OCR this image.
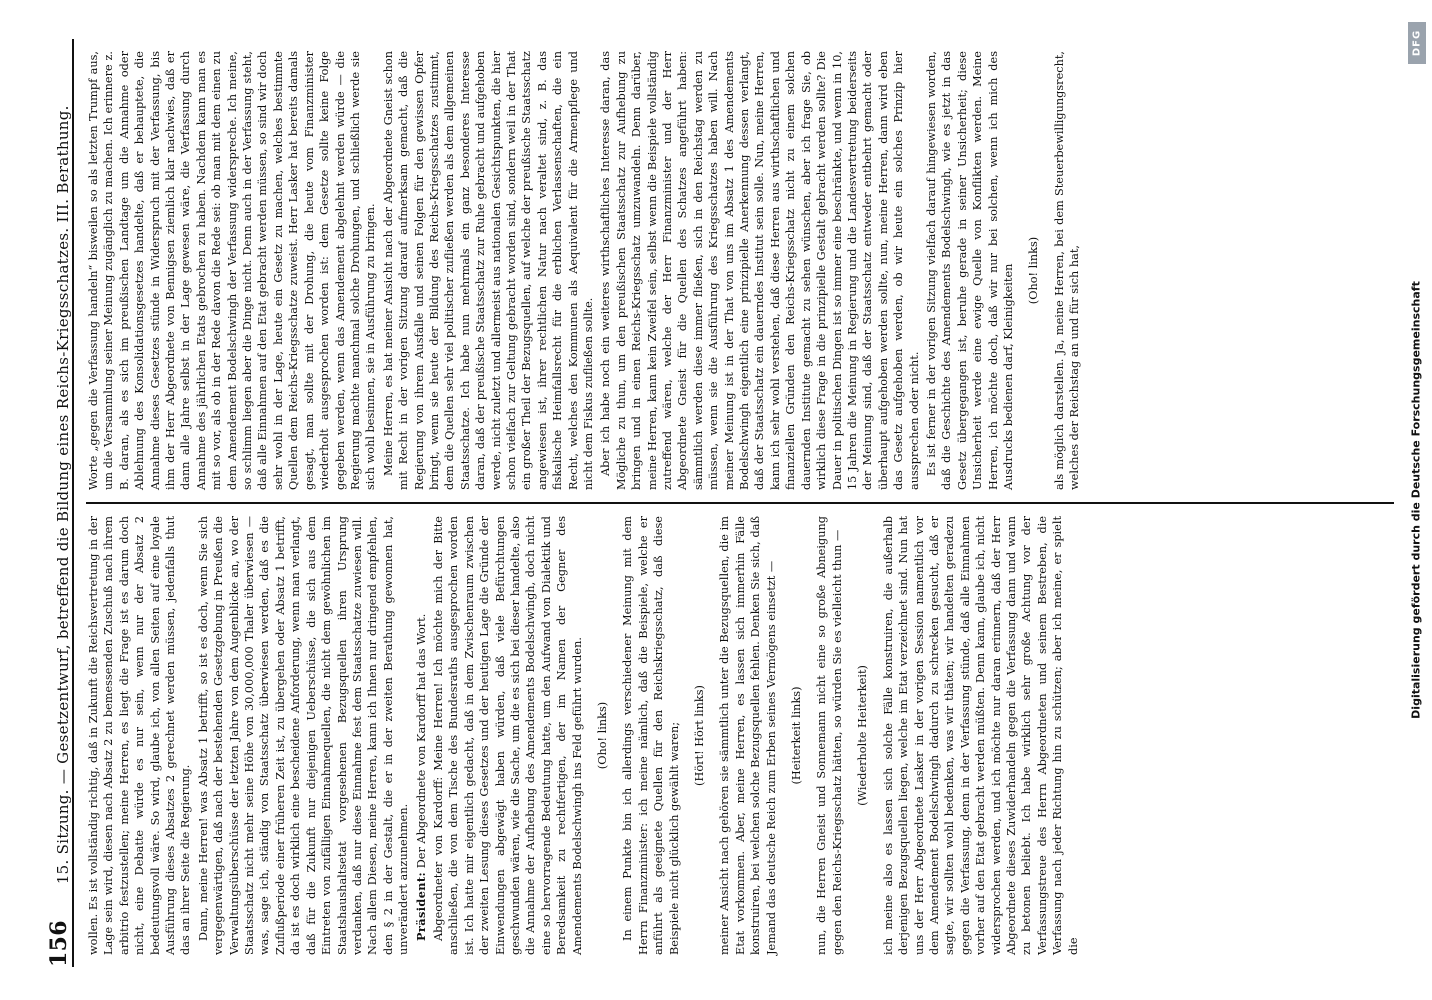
156
15. Sitzung. — Gesetzentwurf, betreffend die Bildung eines Reichs-Kriegsschatzes. III. Berathung. wollen. Es ist vollständig richtig, daß in Zukunft die Reichsvertretung in der Lage sein wird, diesen nach Absatz 2 zu bemessenden Zuschuß nach ihrem arbitrio festzustellen; meine Herren, es liegt die Frage ist es darum doch nicht, eine Debatte würde es nur sein, wenn nur der Absatz 2 bedeutungsvoll wäre. So wird, glaube ich, von allen Seiten auf eine loyale Ausführung dieses Absatzes 2 gerechnet werden müssen, jedenfalls thut das an ihrer Seite die Regierung. Dann, meine Herren! was Absatz 1 betrifft, so ist es doch, wenn Sie sich vergegenwärtigen, daß nach der bestehenden Gesetzgebung in Preußen die Verwaltungsüberschüsse der letzten Jahre von dem Augenblicke an, wo der Staatsschatz nicht mehr seine Höhe von 30,000,000 Thaler überwiesen — was, sage ich, ständig von Staatsschatz überwiesen werden, daß es die Zuflußperiode einer früheren Zeit ist, zu übergehen oder Absatz 1 betrifft, da ist es doch wirklich eine bescheidene Anforderung, wenn man verlangt, daß für die Zukunft nur diejenigen Ueberschüsse, die sich aus dem Eintreten von zufälligen Einnahmequellen, die nicht dem gewöhnlichen im Staatshaushaltsetat vorgesehenen Bezugsquellen ihren Ursprung verdanken, daß nur diese Einnahme fest dem Staatsschatze zuwiesen will. Nach allem Diesen, meine Herren, kann ich Ihnen nur dringend empfehlen, den § 2 in der Gestalt, die er in der zweiten Berathung gewonnen hat, unverändert anzunehmen. Präsident: Der Abgeordnete von Kardorff hat das Wort. Abgeordneter von Kardorff: Meine Herren! Ich möchte mich der Bitte anschließen, die von dem Tische des Bundesraths ausgesprochen worden ist. Ich hatte mir eigentlich gedacht, daß in dem Zwischenraum zwischen der zweiten Lesung dieses Gesetzes und der heutigen Lage die Gründe der Einwendungen abgewägt haben würden, daß viele Befürchtungen geschwunden wären, wie die Sache, um die es sich bei dieser handelte, also die Annahme der Aufhebung des Amendements Bodelschwingh, doch nicht eine so hervorragende Bedeutung hatte, um den Aufwand von Dialektik und Beredsamkeit zu rechtfertigen, der im Namen der Gegner des Amendements Bodelschwingh ins Feld geführt wurden. (Oho! links) In einem Punkte bin ich allerdings verschiedener Meinung mit dem Herrn Finanzminister: ich meine nämlich, daß die Beispiele, welche er anführt als geeignete Quellen für den Reichskriegsschatz, daß diese Beispiele nicht glücklich gewählt waren; (Hört! Hört links) meiner Ansicht nach gehören sie sämmtlich unter die Bezugsquellen, die im Etat vorkommen. Aber, meine Herren, es lassen sich immerhin Fälle konstruiren, bei welchen solche Bezugsquellen fehlen. Denken Sie sich, daß Jemand das deutsche Reich zum Erben seines Vermögens einsetzt — (Heiterkeit links) nun, die Herren Gneist und Sonnemann nicht eine so große Abneigung gegen den Reichs-Kriegsschatz hätten, so würden Sie es vielleicht thun — (Wiederholte Heiterkeit) ich meine also es lassen sich solche Fälle konstruiren, die außerhalb derjenigen Bezugsquellen liegen, welche im Etat verzeichnet sind. Nun hat uns der Herr Abgeordnete Lasker in der vorigen Session namentlich vor dem Amendement Bodelschwingh dadurch zu schrecken gesucht, daß er sagte, wir sollten wohl bedenken, was wir thäten; wir handelten geradezu gegen die Verfassung, denn in der Verfassung stünde, daß alle Einnahmen vorher auf den Etat gebracht werden müßten. Denn kann, glaube ich, nicht widersprochen werden, und ich möchte nur daran erinnern, daß der Herr Abgeordnete dieses Zuwiderhandeln gegen die Verfassung dann und wann zu betonen beliebt. Ich habe wirklich sehr große Achtung vor der Verfassungstreue des Herrn Abgeordneten und seinem Bestreben, die Verfassung nach jeder Richtung hin zu schützen; aber ich meine, er spielt die

Worte „gegen die Verfassung handeln“ bisweilen so als letzten Trumpf aus, um die Versammlung seiner Meinung zugänglich zu machen. Ich erinnere z. B. daran, als es sich im preußischen Landtage um die Annahme oder Ablehnung des Konsolidationsgesetzes handelte, daß er behauptete, die Annahme dieses Gesetzes stünde in Widerspruch mit der Verfassung, bis ihm der Herr Abgeordnete von Bennigsen ziemlich klar nachwies, daß er dann alle Jahre selbst in der Lage gewesen wäre, die Verfassung durch Annahme des jährlichen Etats gebrochen zu haben. Nachdem kann man es mit so vor, als ob in der Rede davon die Rede sei: ob man mit dem einen zu dem Amendement Bodelschwingh der Verfassung widerspreche. Ich meine, so schlimm liegen aber die Dinge nicht. Denn auch in der Verfassung steht, daß alle Einnahmen auf den Etat gebracht werden müssen, so sind wir doch sehr wohl in der Lage, heute ein Gesetz zu machen, welches bestimmte Quellen dem Reichs-Kriegsschatze zuweist. Herr Lasker hat bereits damals gesagt, man sollte mit der Drohung, die heute vom Finanzminister wiederholt ausgesprochen worden ist: dem Gesetze sollte keine Folge gegeben werden, wenn das Amendement abgelehnt werden würde — die Regierung machte manchmal solche Drohungen, und schließlich werde sie sich wohl besinnen, sie in Ausführung zu bringen. Meine Herren, es hat meiner Ansicht nach der Abgeordnete Gneist schon mit Recht in der vorigen Sitzung darauf aufmerksam gemacht, daß die Regierung von ihrem Ausfalle und seinen Folgen für den gewissen Opfer bringt, wenn sie heute der Bildung des Reichs-Kriegsschatzes zustimmt, dem die Quellen sehr viel politischer zufließen werden als dem allgemeinen Staatsschatze. Ich habe nun mehrmals ein ganz besonderes Interesse daran, daß der preußische Staatsschatz zur Ruhe gebracht und aufgehoben werde, nicht zuletzt und allermeist aus nationalen Gesichtspunkten, die hier schon vielfach zur Geltung gebracht worden sind, sondern weil in der That ein großer Theil der Bezugsquellen, auf welche der preußische Staatsschatz angewiesen ist, ihrer rechtlichen Natur nach veraltet sind, z. B. das fiskalische Heimfallsrecht für die erblichen Verlassenschaften, die ein Recht, welches den Kommunen als Aequivalent für die Armenpflege und nicht dem Fiskus zufließen sollte. Aber ich habe noch ein weiteres wirthschaftliches Interesse daran, das Mögliche zu thun, um den preußischen Staatsschatz zur Aufhebung zu bringen und in einen Reichs-Kriegsschatz umzuwandeln. Denn darüber, meine Herren, kann kein Zweifel sein, selbst wenn die Beispiele vollständig zutreffend wären, welche der Herr Finanzminister und der Herr Abgeordnete Gneist für die Quellen des Schatzes angeführt haben: sämmtlich werden diese immer fließen, sich in den Reichstag werden zu müssen, wenn sie die Ausführung des Kriegsschatzes haben will. Nach meiner Meinung ist in der That von uns im Absatz 1 des Amendements Bodelschwingh eigentlich eine prinzipielle Anerkennung dessen verlangt, daß der Staatsschatz ein dauerndes Institut sein solle. Nun, meine Herren, kann ich sehr wohl verstehen, daß diese Herren aus wirthschaftlichen und finanziellen Gründen den Reichs-Kriegsschatz nicht zu einem solchen dauernden Institute gemacht zu sehen wünschen, aber ich frage Sie, ob wirklich diese Frage in die prinzipielle Gestalt gebracht werden sollte? Die Dauer in politischen Dingen ist so immer eine beschränkte, und wenn in 10, 15 Jahren die Meinung in Regierung und die Landesvertretung beiderseits der Meinung sind, daß der Staatsschatz entweder entbehrt gemacht oder überhaupt aufgehoben werden sollte, nun, meine Herren, dann wird eben das Gesetz aufgehoben werden, ob wir heute ein solches Prinzip hier aussprechen oder nicht. Es ist ferner in der vorigen Sitzung vielfach darauf hingewiesen worden, daß die Geschichte des Amendements Bodelschwingh, wie es jetzt in das Gesetz übergegangen ist, beruhe gerade in seiner Unsicherheit; diese Unsicherheit werde eine ewige Quelle von Konflikten werden. Meine Herren, ich möchte doch, daß wir nur bei solchen, wenn ich mich des Ausdrucks bedienen darf, Kleinigkeiten (Oho! links) als möglich darstellen. Ja, meine Herren, bei dem Steuerbewilligungsrecht, welches der Reichstag an und für sich hat,	Digitalisierung gefördert durch die Deutsche Forschungsgemeinschaft
DFG
